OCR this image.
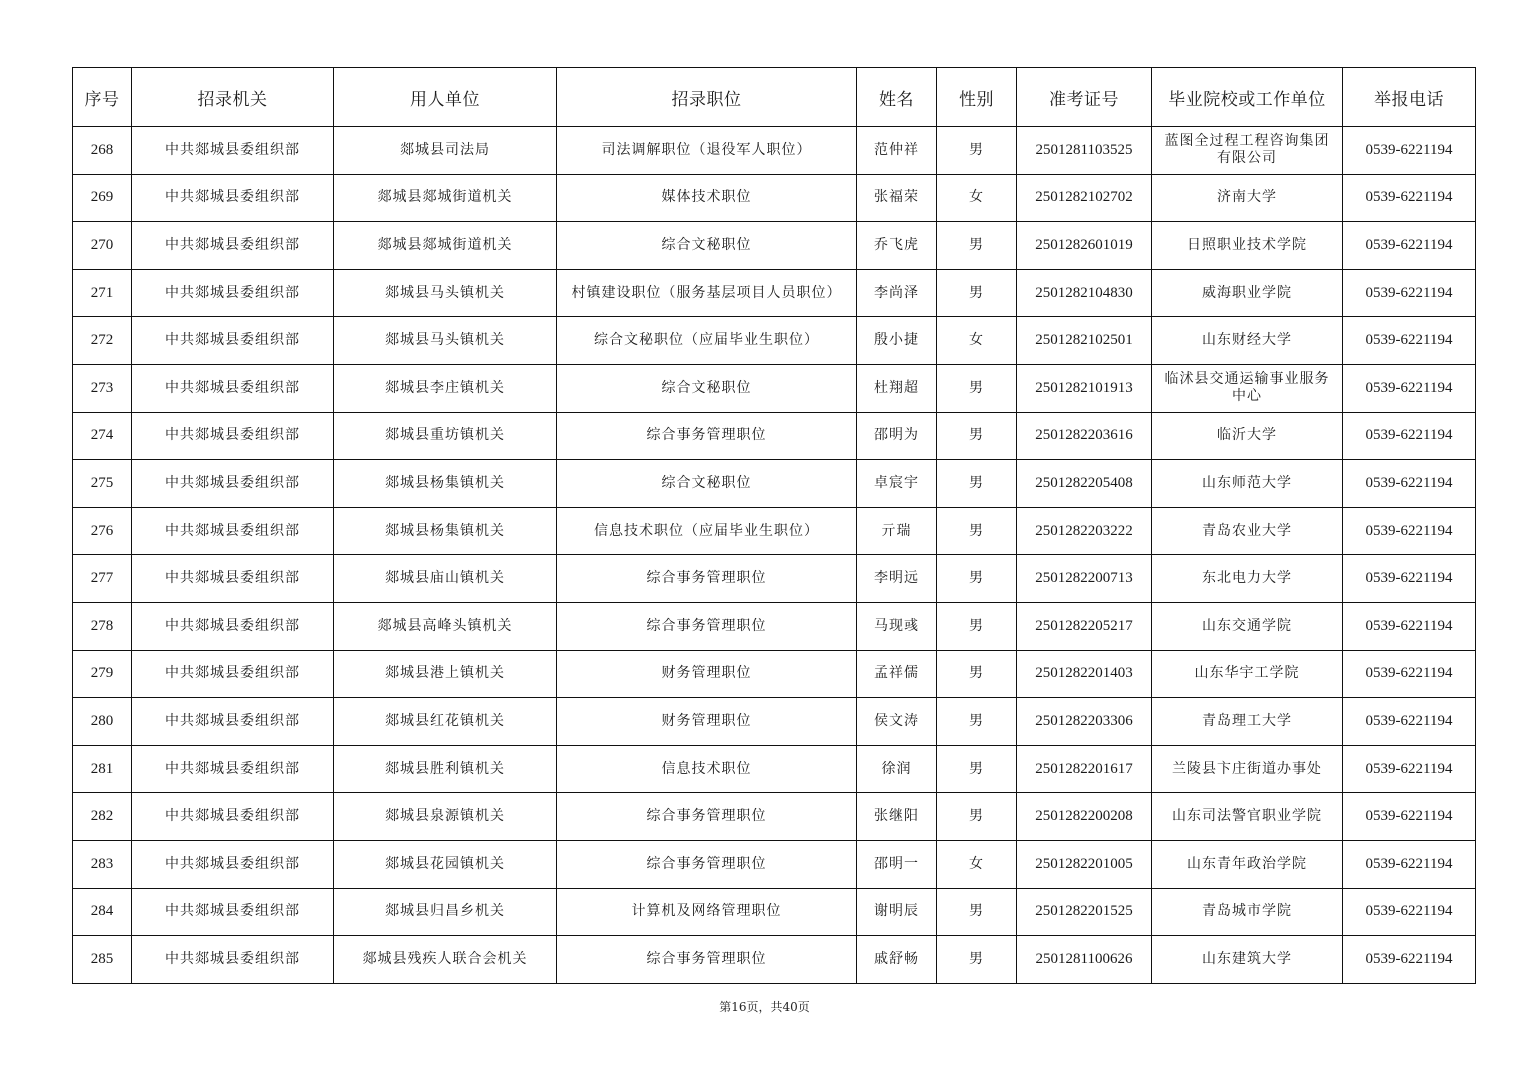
序号	招录机关	用人单位	招录职位	姓名	性别	准考证号	毕业院校或工作单位	举报电话
268	中共郯城县委组织部	郯城县司法局	司法调解职位（退役军人职位）	范仲祥	男	2501281103525	蓝图全过程工程咨询集团有限公司	0539-6221194
269	中共郯城县委组织部	郯城县郯城街道机关	媒体技术职位	张福荣	女	2501282102702	济南大学	0539-6221194
270	中共郯城县委组织部	郯城县郯城街道机关	综合文秘职位	乔飞虎	男	2501282601019	日照职业技术学院	0539-6221194
271	中共郯城县委组织部	郯城县马头镇机关	村镇建设职位（服务基层项目人员职位）	李尚泽	男	2501282104830	威海职业学院	0539-6221194
272	中共郯城县委组织部	郯城县马头镇机关	综合文秘职位（应届毕业生职位）	殷小捷	女	2501282102501	山东财经大学	0539-6221194
273	中共郯城县委组织部	郯城县李庄镇机关	综合文秘职位	杜翔超	男	2501282101913	临沭县交通运输事业服务中心	0539-6221194
274	中共郯城县委组织部	郯城县重坊镇机关	综合事务管理职位	邵明为	男	2501282203616	临沂大学	0539-6221194
275	中共郯城县委组织部	郯城县杨集镇机关	综合文秘职位	卓宸宇	男	2501282205408	山东师范大学	0539-6221194
276	中共郯城县委组织部	郯城县杨集镇机关	信息技术职位（应届毕业生职位）	亓瑞	男	2501282203222	青岛农业大学	0539-6221194
277	中共郯城县委组织部	郯城县庙山镇机关	综合事务管理职位	李明远	男	2501282200713	东北电力大学	0539-6221194
278	中共郯城县委组织部	郯城县高峰头镇机关	综合事务管理职位	马现彧	男	2501282205217	山东交通学院	0539-6221194
279	中共郯城县委组织部	郯城县港上镇机关	财务管理职位	孟祥儒	男	2501282201403	山东华宇工学院	0539-6221194
280	中共郯城县委组织部	郯城县红花镇机关	财务管理职位	侯文涛	男	2501282203306	青岛理工大学	0539-6221194
281	中共郯城县委组织部	郯城县胜利镇机关	信息技术职位	徐润	男	2501282201617	兰陵县卞庄街道办事处	0539-6221194
282	中共郯城县委组织部	郯城县泉源镇机关	综合事务管理职位	张继阳	男	2501282200208	山东司法警官职业学院	0539-6221194
283	中共郯城县委组织部	郯城县花园镇机关	综合事务管理职位	邵明一	女	2501282201005	山东青年政治学院	0539-6221194
284	中共郯城县委组织部	郯城县归昌乡机关	计算机及网络管理职位	谢明辰	男	2501282201525	青岛城市学院	0539-6221194
285	中共郯城县委组织部	郯城县残疾人联合会机关	综合事务管理职位	戚舒畅	男	2501281100626	山东建筑大学	0539-6221194
第16页，共40页
